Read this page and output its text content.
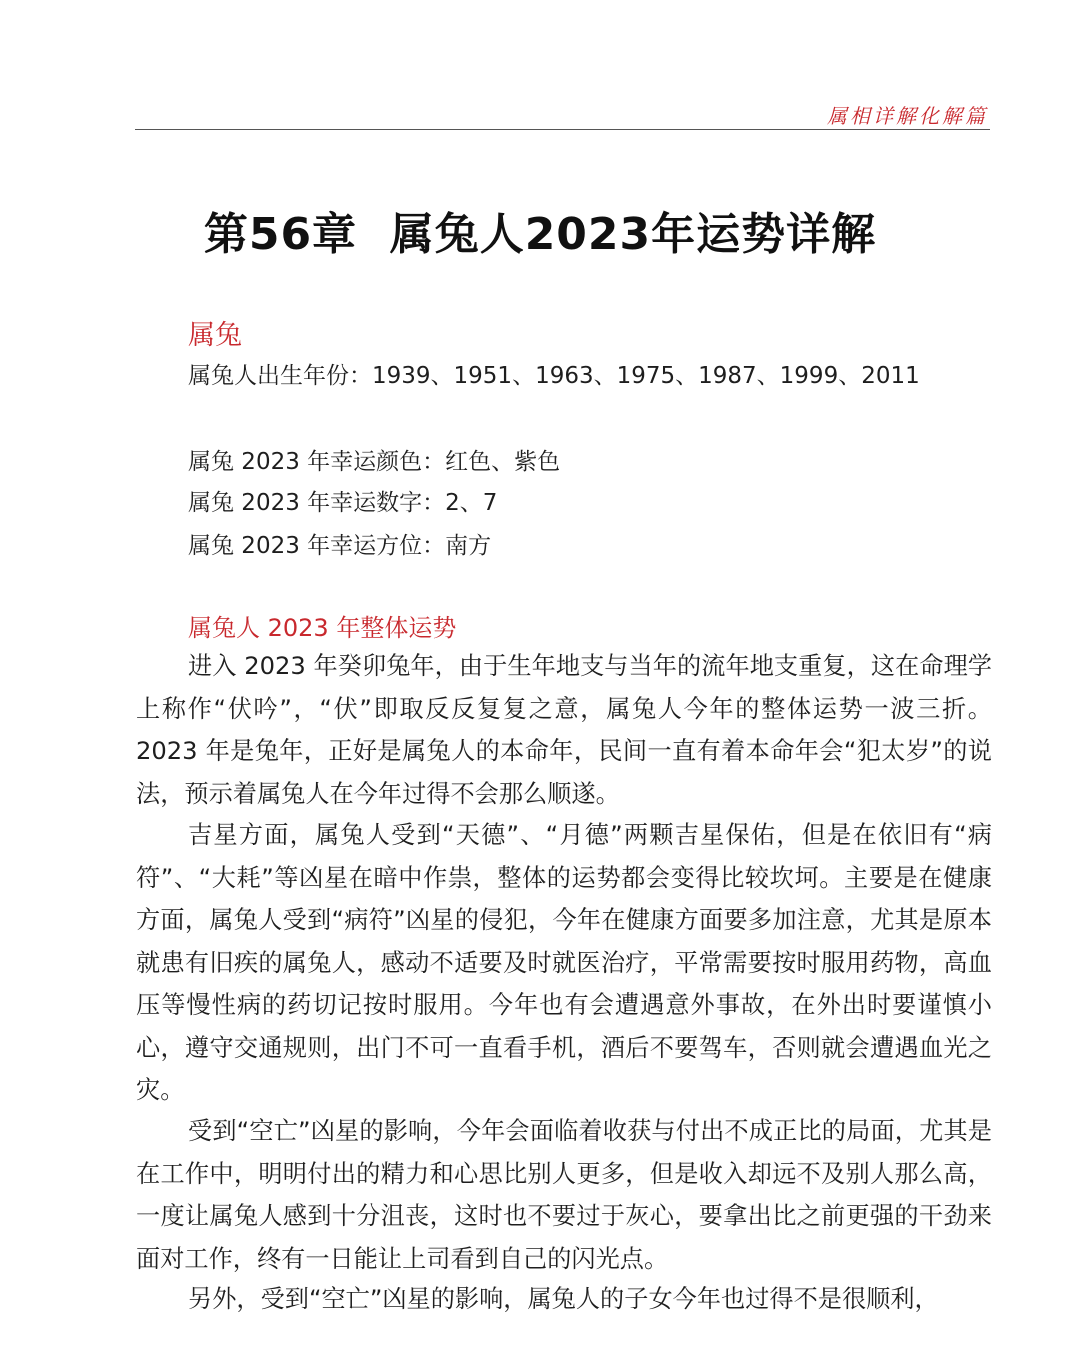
属相详解化解篇
第56章  属兔人2023年运势详解
属兔
属兔人出生年份：1939、1951、1963、1975、1987、1999、2011
属兔 2023 年幸运颜色：红色、紫色
属兔 2023 年幸运数字：2、7
属兔 2023 年幸运方位：南方
属兔人 2023 年整体运势

进入 2023 年癸卯兔年，由于生年地支与当年的流年地支重复，这在命理学上称作“伏吟”，“伏”即取反反复复之意，属兔人今年的整体运势一波三折。2023 年是兔年，正好是属兔人的本命年，民间一直有着本命年会“犯太岁”的说法，预示着属兔人在今年过得不会那么顺遂。

吉星方面，属兔人受到“天德”、“月德”两颗吉星保佑，但是在依旧有“病符”、“大耗”等凶星在暗中作祟，整体的运势都会变得比较坎坷。主要是在健康方面，属兔人受到“病符”凶星的侵犯，今年在健康方面要多加注意，尤其是原本就患有旧疾的属兔人，感动不适要及时就医治疗，平常需要按时服用药物，高血压等慢性病的药切记按时服用。今年也有会遭遇意外事故，在外出时要谨慎小心，遵守交通规则，出门不可一直看手机，酒后不要驾车，否则就会遭遇血光之灾。

受到“空亡”凶星的影响，今年会面临着收获与付出不成正比的局面，尤其是在工作中，明明付出的精力和心思比别人更多，但是收入却远不及别人那么高，一度让属兔人感到十分沮丧，这时也不要过于灰心，要拿出比之前更强的干劲来面对工作，终有一日能让上司看到自己的闪光点。

另外，受到“空亡”凶星的影响，属兔人的子女今年也过得不是很顺利，
